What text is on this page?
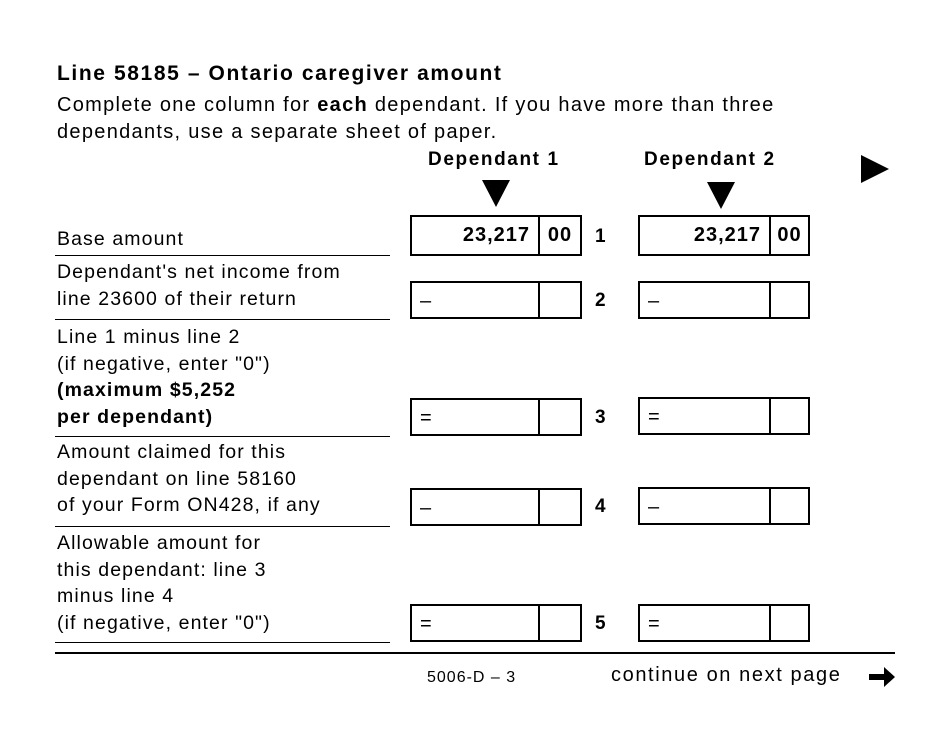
Line 58185 – Ontario caregiver amount
Complete one column for each dependant. If you have more than three
dependants, use a separate sheet of paper.
Dependant 1	Dependant 2
Base amount	23,217 00	1	23,217 00
Dependant's net income from
line 23600 of their return	–	2 –
Line 1 minus line 2
(if negative, enter "0")
(maximum $5,252
per dependant)	=	3 =
Amount claimed for this
dependant on line 58160
of your Form ON428, if any	–	4 –
Allowable amount for
this dependant: line 3
minus line 4
(if negative, enter "0")	=	5 =
5006-D – 3	continue on next page
